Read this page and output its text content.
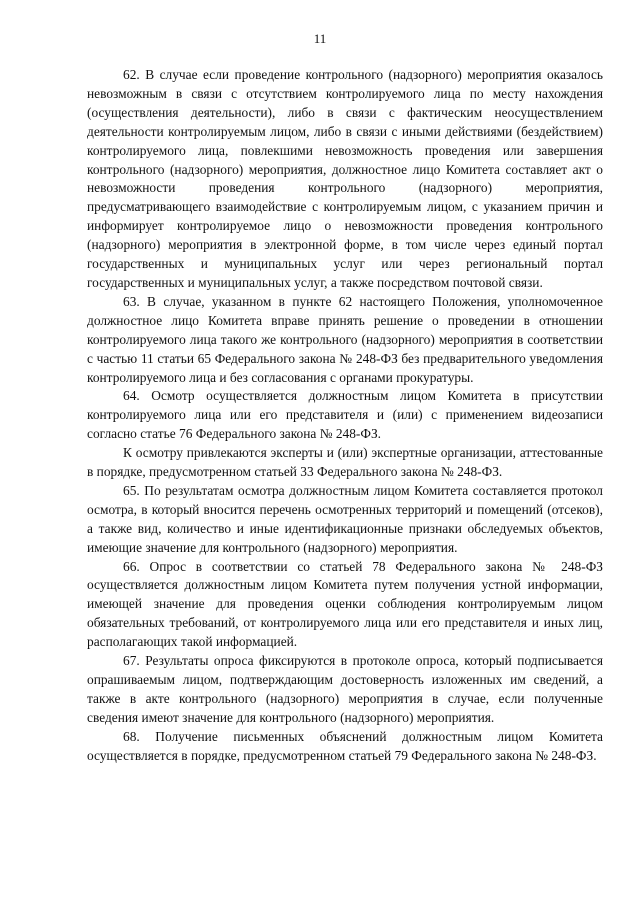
11

62. В случае если проведение контрольного (надзорного) мероприятия оказалось невозможным в связи с отсутствием контролируемого лица по месту нахождения (осуществления деятельности), либо в связи с фактическим неосуществлением деятельности контролируемым лицом, либо в связи с иными действиями (бездействием) контролируемого лица, повлекшими невозможность проведения или завершения контрольного (надзорного) мероприятия, должностное лицо Комитета составляет акт о невозможности проведения контрольного (надзорного) мероприятия, предусматривающего взаимодействие с контролируемым лицом, с указанием причин и информирует контролируемое лицо о невозможности проведения контрольного (надзорного) мероприятия в электронной форме, в том числе через единый портал государственных и муниципальных услуг или через региональный портал государственных и муниципальных услуг, а также посредством почтовой связи.

63. В случае, указанном в пункте 62 настоящего Положения, уполномоченное должностное лицо Комитета вправе принять решение о проведении в отношении контролируемого лица такого же контрольного (надзорного) мероприятия в соответствии с частью 11 статьи 65 Федерального закона № 248-ФЗ без предварительного уведомления контролируемого лица и без согласования с органами прокуратуры.

64. Осмотр осуществляется должностным лицом Комитета в присутствии контролируемого лица или его представителя и (или) с применением видеозаписи согласно статье 76 Федерального закона № 248-ФЗ.

К осмотру привлекаются эксперты и (или) экспертные организации, аттестованные в порядке, предусмотренном статьей 33 Федерального закона № 248-ФЗ.

65. По результатам осмотра должностным лицом Комитета составляется протокол осмотра, в который вносится перечень осмотренных территорий и помещений (отсеков), а также вид, количество и иные идентификационные признаки обследуемых объектов, имеющие значение для контрольного (надзорного) мероприятия.

66. Опрос в соответствии со статьей 78 Федерального закона № 248-ФЗ осуществляется должностным лицом Комитета путем получения устной информации, имеющей значение для проведения оценки соблюдения контролируемым лицом обязательных требований, от контролируемого лица или его представителя и иных лиц, располагающих такой информацией.

67. Результаты опроса фиксируются в протоколе опроса, который подписывается опрашиваемым лицом, подтверждающим достоверность изложенных им сведений, а также в акте контрольного (надзорного) мероприятия в случае, если полученные сведения имеют значение для контрольного (надзорного) мероприятия.

68. Получение письменных объяснений должностным лицом Комитета осуществляется в порядке, предусмотренном статьей 79 Федерального закона № 248-ФЗ.
